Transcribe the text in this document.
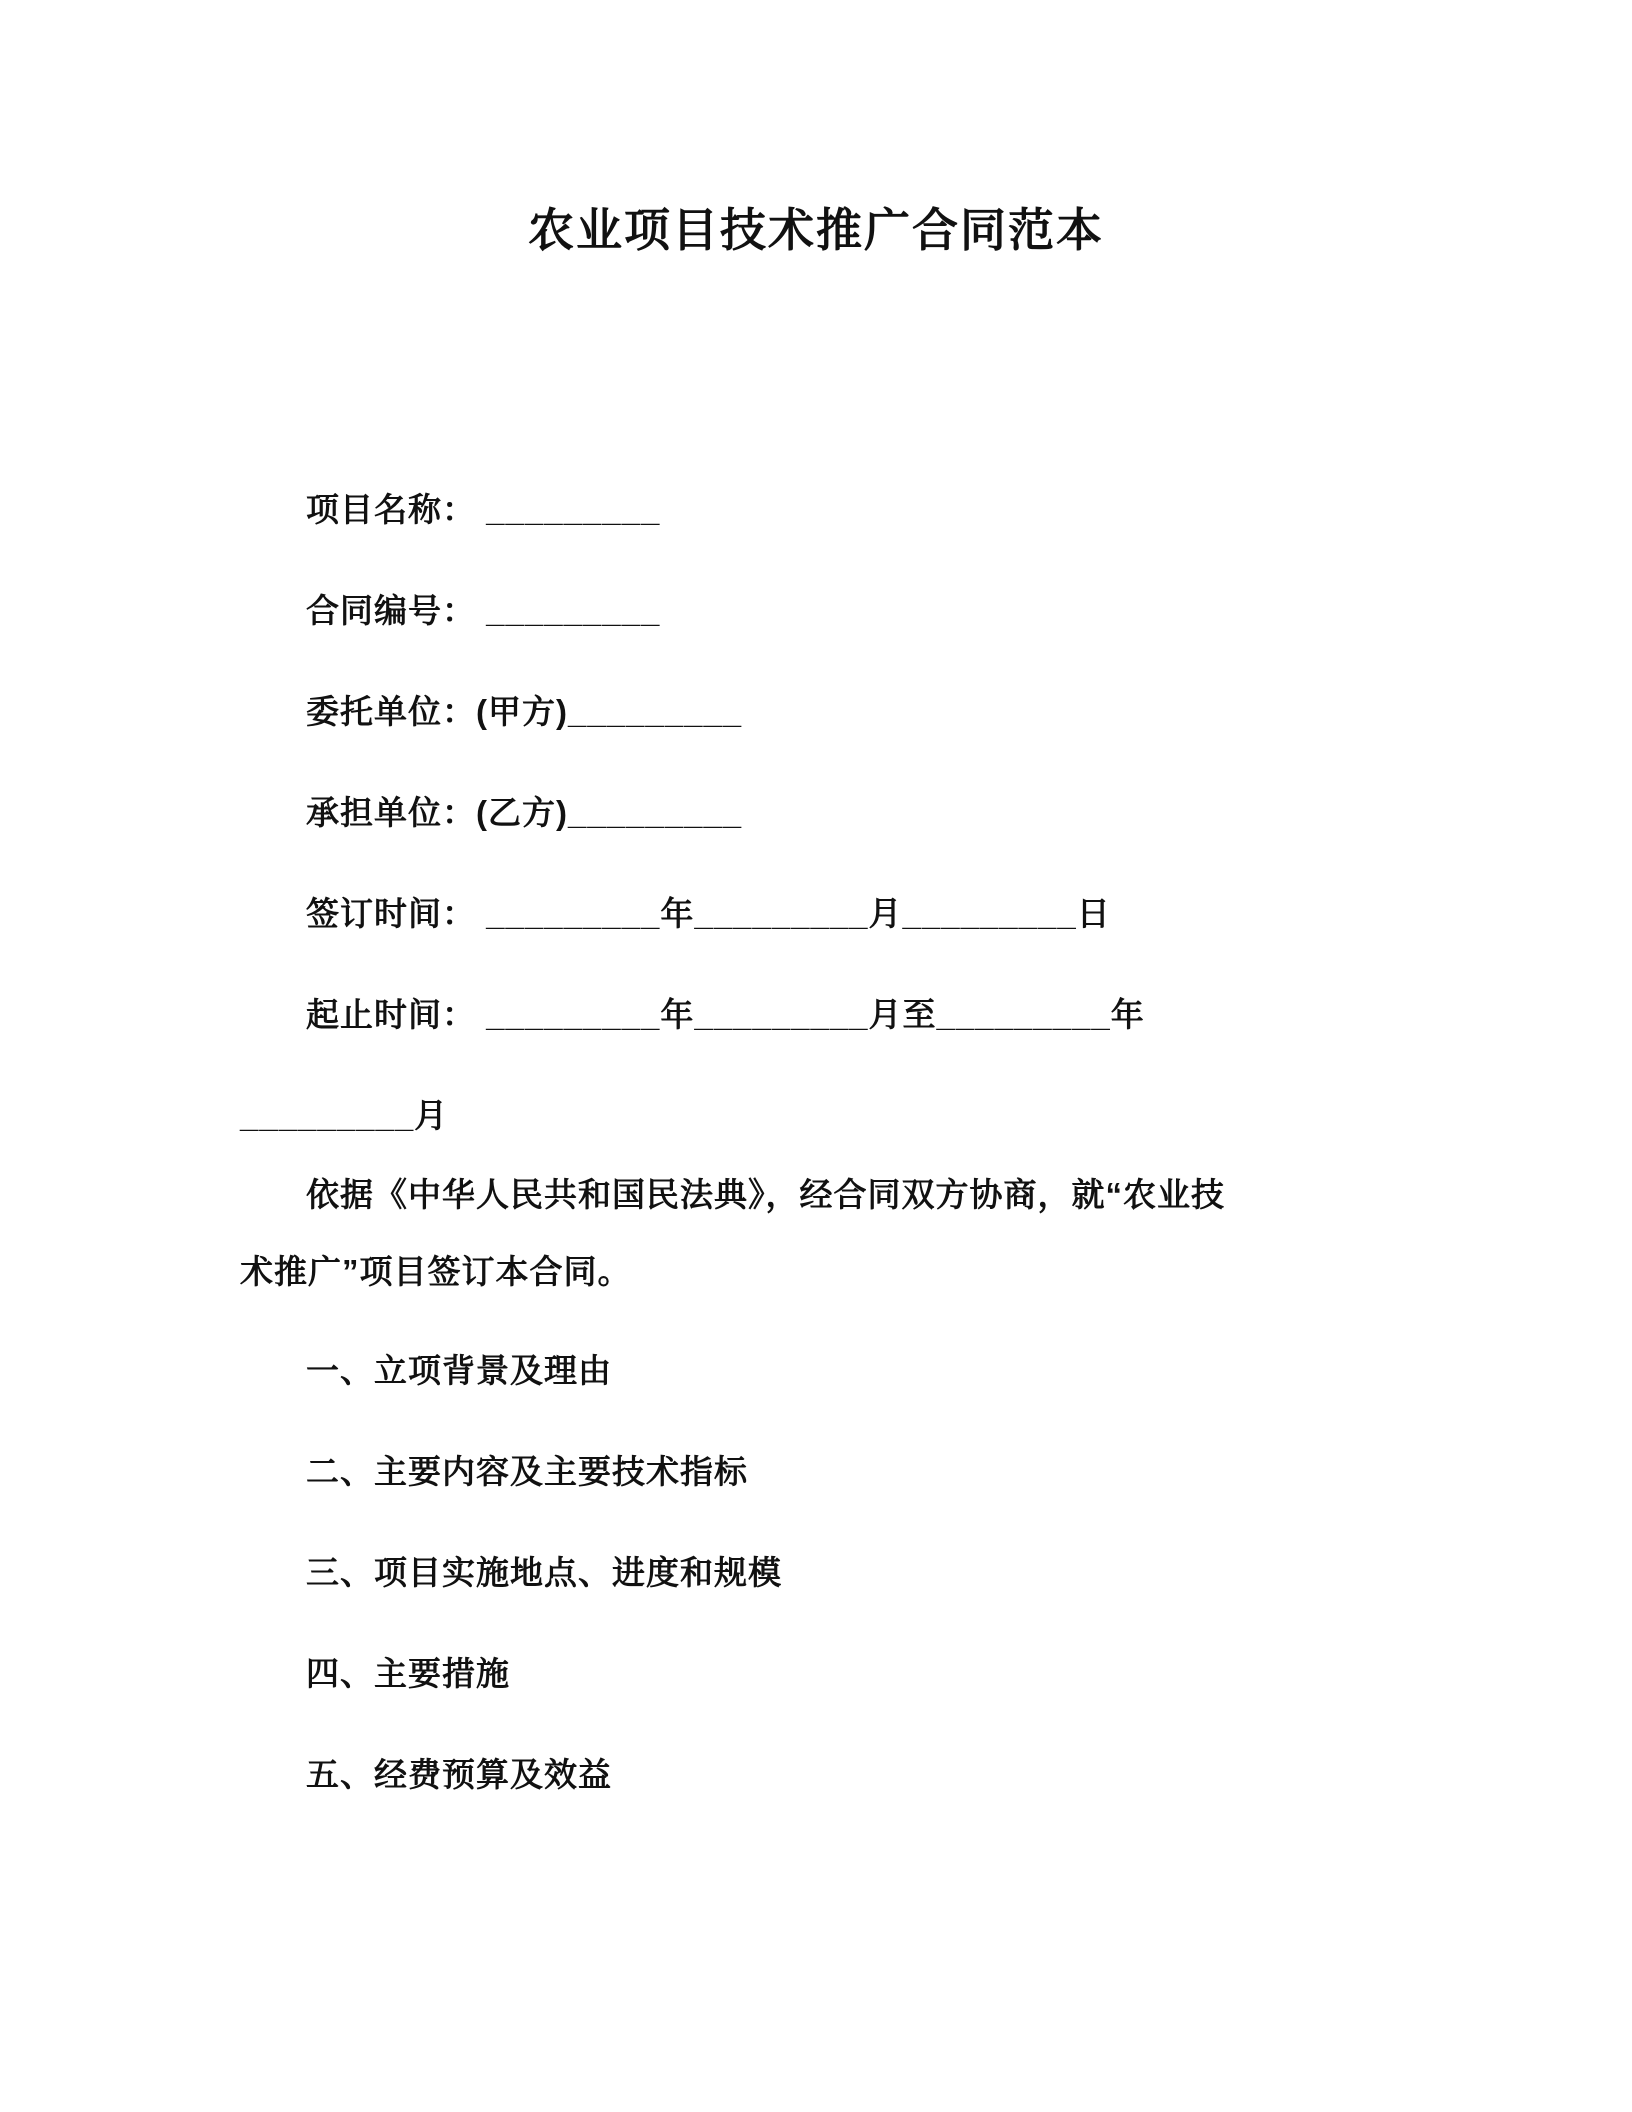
农业项目技术推广合同范本

项目名称： _________

合同编号： _________

委托单位：(甲方)_________

承担单位：(乙方)_________

签订时间： _________年_________月_________日

起止时间： _________年_________月至_________年

_________月

依据《中华人民共和国民法典》，经合同双方协商，就“农业技

术推广”项目签订本合同。

一、立项背景及理由

二、主要内容及主要技术指标

三、项目实施地点、进度和规模

四、主要措施

五、经费预算及效益
